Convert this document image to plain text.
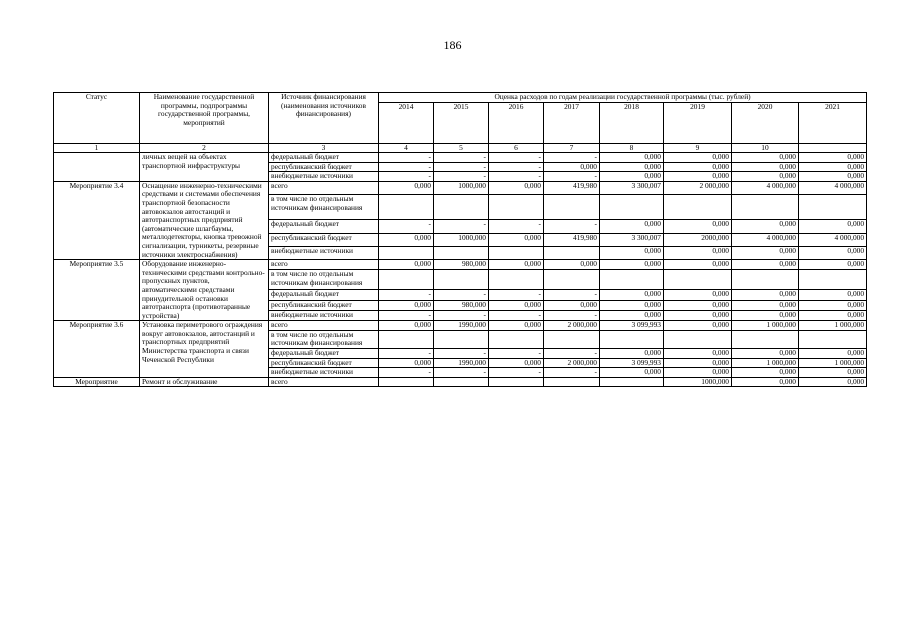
186
Статус	Наименование государственной программы, подпрограммы государственной программы, мероприятий	Источник финансирования (наименования источников финансирования)	Оценка расходов по годам реализации государственной программы (тыс. рублей)							
			2014	2015	2016	2017	2018	2019	2020	2021
1	2	3	4	5	6	7	8	9	10	
	личных вещей на объектах транспортной инфраструктуры	федеральный бюджет	-	-	-	-	0,000	0,000	0,000	0,000
		республиканский бюджет	-	-	-	0,000	0,000	0,000	0,000	0,000
		внебюджетные источники	-	-	-	-	0,000	0,000	0,000	0,000
Мероприятие 3.4	Оснащение инженерно-техническими средствами и системами обеспечения транспортной безопасности автовокзалов автостанций и автотранспортных предприятий (автоматические шлагбаумы, металлодетекторы, кнопка тревожной сигнализации, турникеты, резервные источники электроснабжения)	всего	0,000	1000,000	0,000	419,980	3 300,007	2 000,000	4 000,000	4 000,000
		в том числе по отдельным источникам финансирования								
		федеральный бюджет	-	-	-	-	0,000	0,000	0,000	0,000
		республиканский бюджет	0,000	1000,000	0,000	419,980	3 300,007	2000,000	4 000,000	4 000,000
		внебюджетные источники					0,000	0,000	0,000	0,000
Мероприятие 3.5	Оборудование инженерно-техническими средствами контрольно-пропускных пунктов, автоматическими средствами принудительной остановки автотранспорта (противотаранные устройства)	всего	0,000	980,000	0,000	0,000	0,000	0,000	0,000	0,000
		в том числе по отдельным источникам финансирования								
		федеральный бюджет	-	-	-	-	0,000	0,000	0,000	0,000
		республиканский бюджет	0,000	980,000	0,000	0,000	0,000	0,000	0,000	0,000
		внебюджетные источники	-	-	-	-	0,000	0,000	0,000	0,000
Мероприятие 3.6	Установка периметрового ограждения вокруг автовокзалов, автостанций и транспортных предприятий Министерства транспорта и связи Чеченской Республики	всего	0,000	1990,000	0,000	2 000,000	3 099,993	0,000	1 000,000	1 000,000
		в том числе по отдельным источникам финансирования								
		федеральный бюджет	-	-	-	-	0,000	0,000	0,000	0,000
		республиканский бюджет	0,000	1990,000	0,000	2 000,000	3 099,993	0,000	1 000,000	1 000,000
		внебюджетные источники	-	-	-	-	0,000	0,000	0,000	0,000
Мероприятие	Ремонт и обслуживание	всего						1000,000	0,000	0,000
